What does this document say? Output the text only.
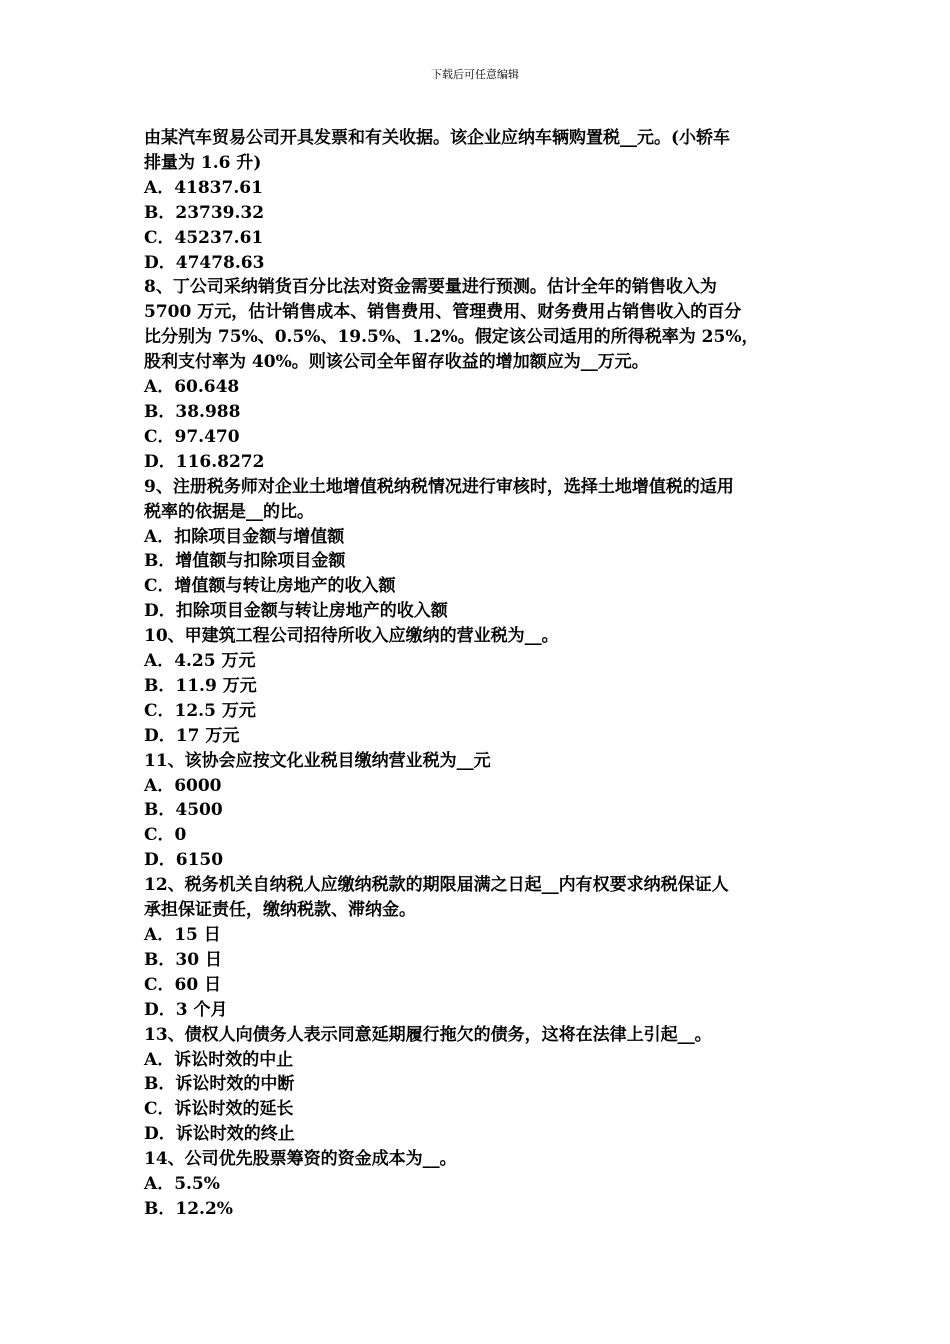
下载后可任意编辑
由某汽车贸易公司开具发票和有关收据。该企业应纳车辆购置税__元。(小轿车
排量为 1.6 升)
A．41837.61
B．23739.32
C．45237.61
D．47478.63
8、丁公司采纳销货百分比法对资金需要量进行预测。估计全年的销售收入为
5700 万元，估计销售成本、销售费用、管理费用、财务费用占销售收入的百分
比分别为 75%、0.5%、19.5%、1.2%。假定该公司适用的所得税率为 25%，
股利支付率为 40%。则该公司全年留存收益的增加额应为__万元。
A．60.648
B．38.988
C．97.470
D．116.8272
9、注册税务师对企业土地增值税纳税情况进行审核时，选择土地增值税的适用
税率的依据是__的比。
A．扣除项目金额与增值额
B．增值额与扣除项目金额
C．增值额与转让房地产的收入额
D．扣除项目金额与转让房地产的收入额
10、甲建筑工程公司招待所收入应缴纳的营业税为__。
A．4.25 万元
B．11.9 万元
C．12.5 万元
D．17 万元
11、该协会应按文化业税目缴纳营业税为__元
A．6000
B．4500
C．0
D．6150
12、税务机关自纳税人应缴纳税款的期限届满之日起__内有权要求纳税保证人
承担保证责任，缴纳税款、滞纳金。
A．15 日
B．30 日
C．60 日
D．3 个月
13、债权人向债务人表示同意延期履行拖欠的债务，这将在法律上引起__。
A．诉讼时效的中止
B．诉讼时效的中断
C．诉讼时效的延长
D．诉讼时效的终止
14、公司优先股票筹资的资金成本为__。
A．5.5%
B．12.2%
